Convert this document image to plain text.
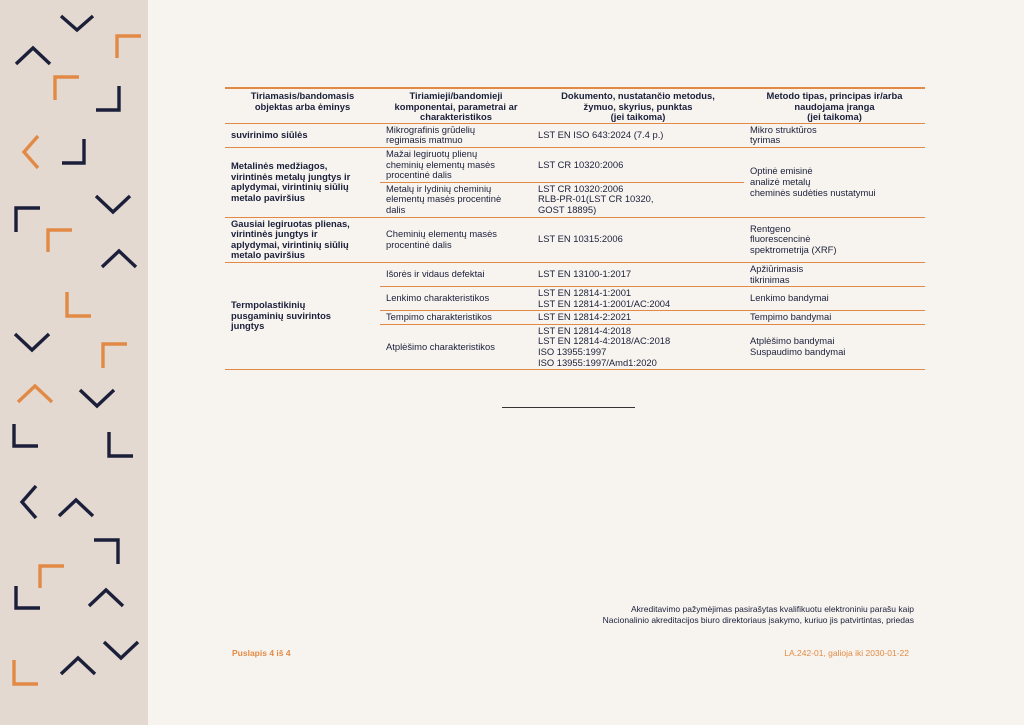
Tiriamasis/bandomasis
objektas arba ėminys	Tiriamieji/bandomieji
komponentai, parametrai ar
charakteristikos	Dokumento, nustatančio metodus,
žymuo, skyrius, punktas
(jei taikoma)	Metodo tipas, principas ir/arba
naudojama įranga
(jei taikoma)

suvirinimo siūlės	Mikrografinis grūdelių
regimasis matmuo	LST EN ISO 643:2024 (7.4 p.)	Mikro struktūros
tyrimas

Metalinės medžiagos,
virintinės metalų jungtys ir
aplydymai, virintinių siūlių
metalo paviršius	Mažai legiruotų plienų
cheminių elementų masės
procentinė dalis	LST CR 10320:2006	Optinė emisinė
analizė metalų
cheminės sudėties nustatymui

	Metalų ir lydinių cheminių
elementų masės procentinė
dalis	LST CR 10320:2006
RLB-PR-01(LST CR 10320,
GOST 18895)	

Gausiai legiruotas plienas,
virintinės jungtys ir
aplydymai, virintinių siūlių
metalo paviršius	Cheminių elementų masės
procentinė dalis	LST EN 10315:2006	Rentgeno
fluorescencinė
spektrometrija (XRF)

Termpolastikinių
pusgaminių suvirintos
jungtys	Išorės ir vidaus defektai	LST EN 13100-1:2017	Apžiūrimasis
tikrinimas

	Lenkimo charakteristikos	LST EN 12814-1:2001
LST EN 12814-1:2001/AC:2004	Lenkimo bandymai

	Tempimo charakteristikos	LST EN 12814-2:2021	Tempimo bandymai

	Atplėšimo charakteristikos	LST EN 12814-4:2018
LST EN 12814-4:2018/AC:2018
ISO 13955:1997
ISO 13955:1997/Amd1:2020	Atplėšimo bandymai
Suspaudimo bandymai
Akreditavimo pažymėjimas pasirašytas kvalifikuotu elektroniniu parašu kaip
Nacionalinio akreditacijos biuro direktoriaus įsakymo, kuriuo jis patvirtintas, priedas
Puslapis 4 iš 4	LA.242-01, galioja iki 2030-01-22
